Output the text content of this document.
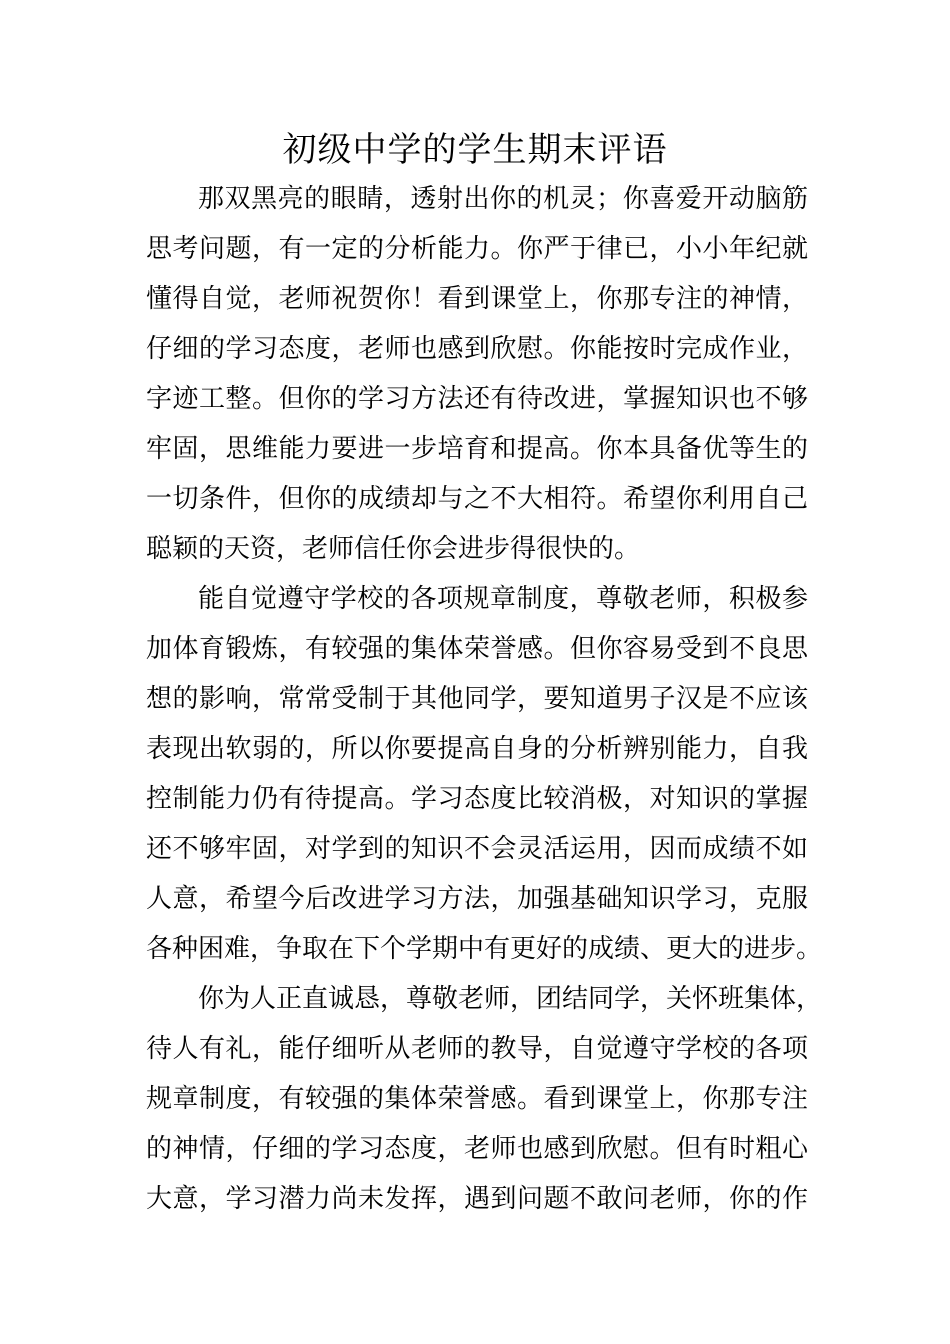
初级中学的学生期末评语
那双黑亮的眼睛，透射出你的机灵；你喜爱开动脑筋
思考问题，有一定的分析能力。你严于律已，小小年纪就
懂得自觉，老师祝贺你！看到课堂上，你那专注的神情，
仔细的学习态度，老师也感到欣慰。你能按时完成作业，
字迹工整。但你的学习方法还有待改进，掌握知识也不够
牢固，思维能力要进一步培育和提高。你本具备优等生的
一切条件，但你的成绩却与之不大相符。希望你利用自己
聪颖的天资，老师信任你会进步得很快的。
能自觉遵守学校的各项规章制度，尊敬老师，积极参
加体育锻炼，有较强的集体荣誉感。但你容易受到不良思
想的影响，常常受制于其他同学，要知道男子汉是不应该
表现出软弱的，所以你要提高自身的分析辨别能力，自我
控制能力仍有待提高。学习态度比较消极，对知识的掌握
还不够牢固，对学到的知识不会灵活运用，因而成绩不如
人意，希望今后改进学习方法，加强基础知识学习，克服
各种困难，争取在下个学期中有更好的成绩、更大的进步。
你为人正直诚恳，尊敬老师，团结同学，关怀班集体，
待人有礼，能仔细听从老师的教导，自觉遵守学校的各项
规章制度，有较强的集体荣誉感。看到课堂上，你那专注
的神情，仔细的学习态度，老师也感到欣慰。但有时粗心
大意，学习潜力尚未发挥，遇到问题不敢问老师，你的作
